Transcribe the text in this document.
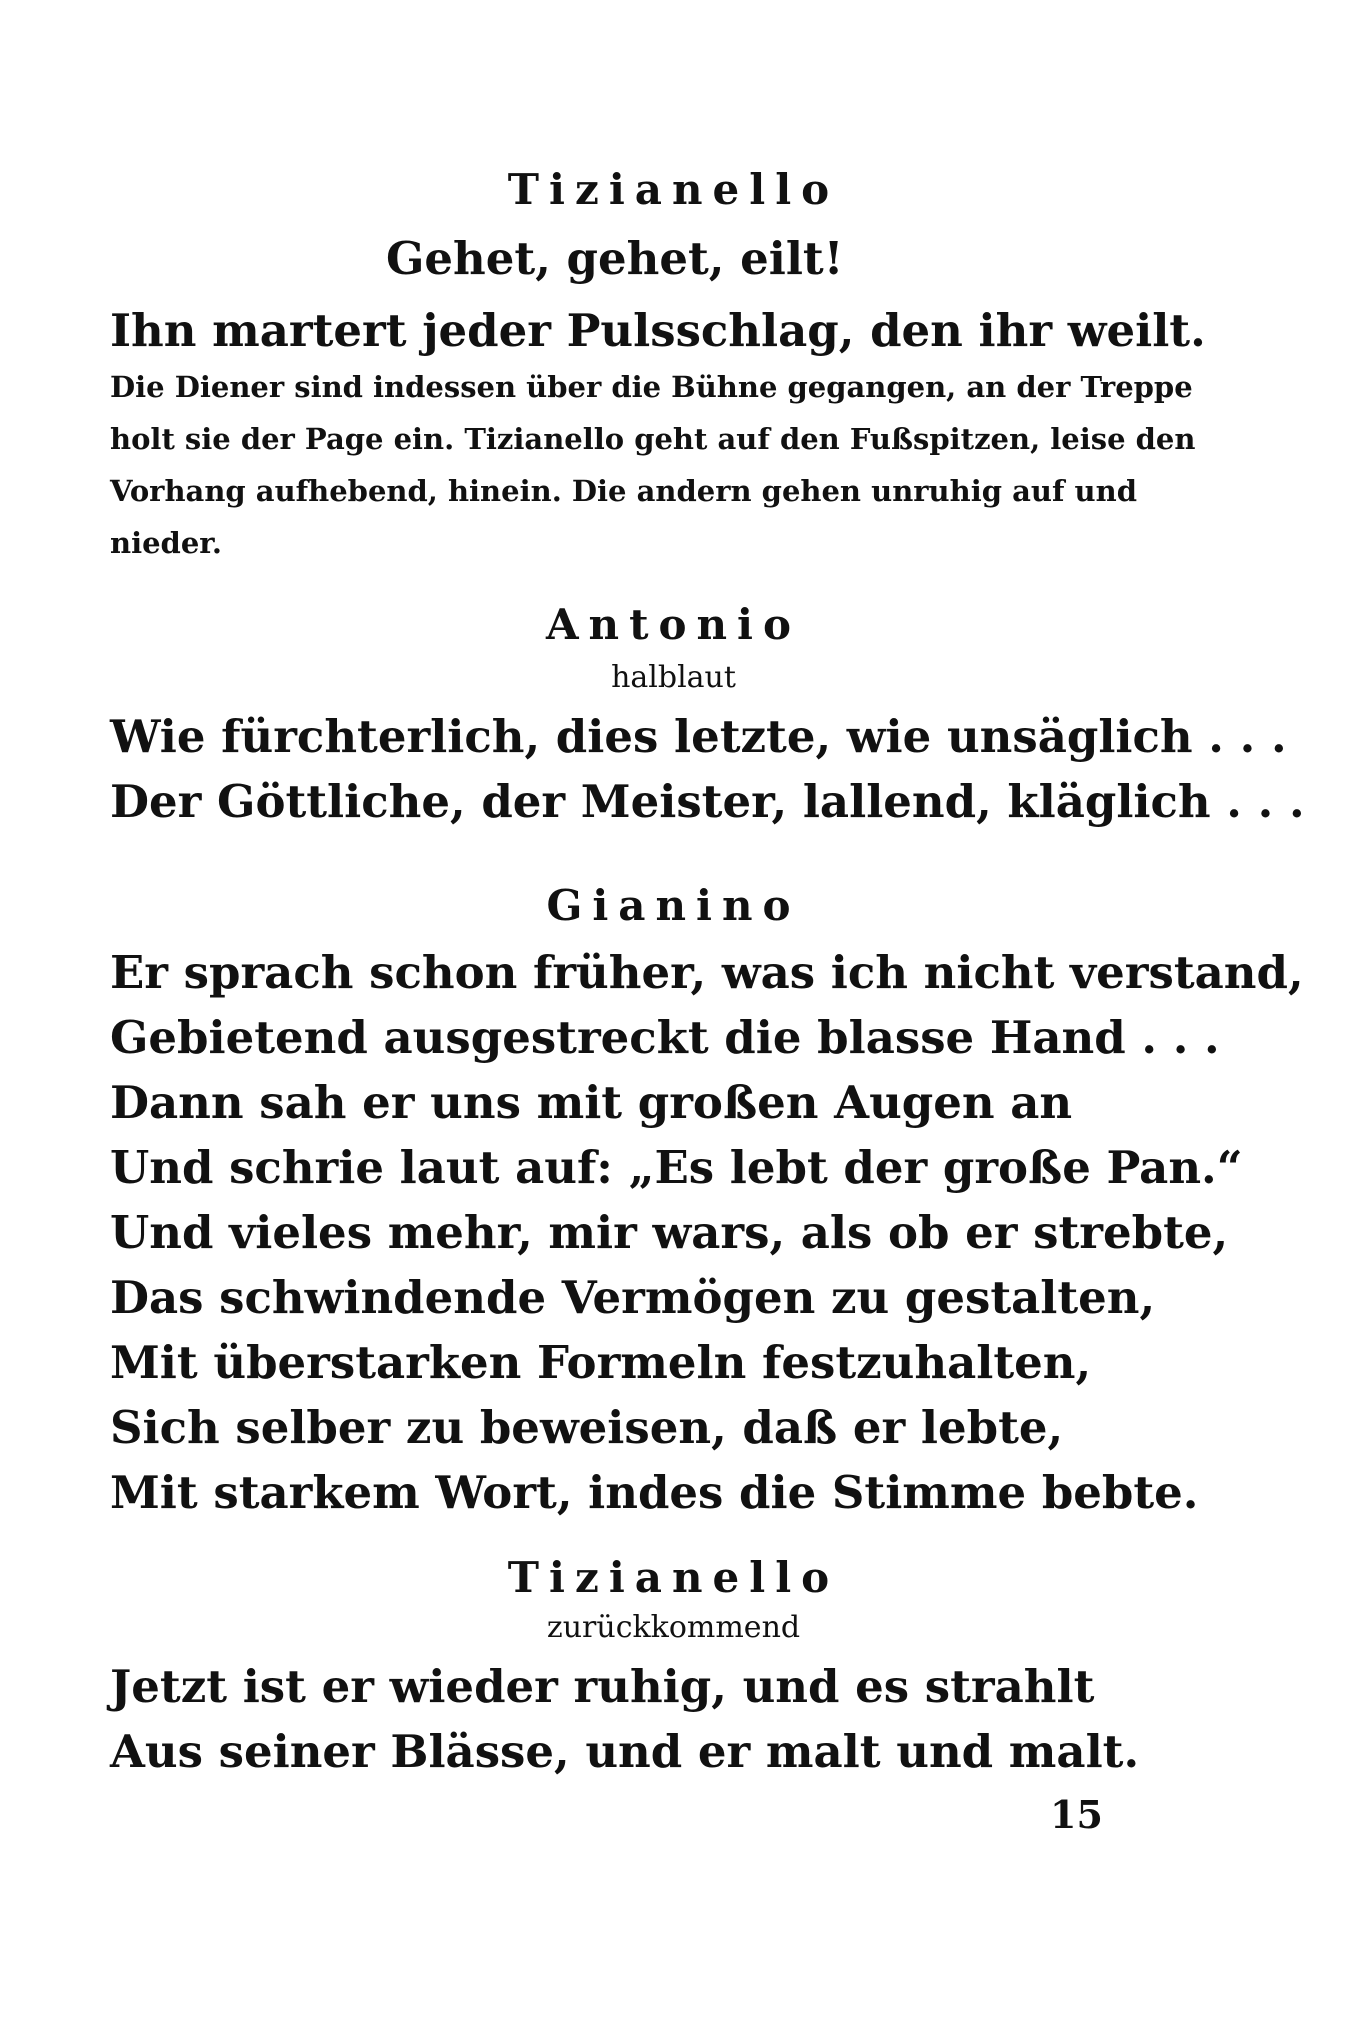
Tizianello
Gehet, gehet, eilt!
Ihn martert jeder Pulsschlag, den ihr weilt.
Die Diener sind indessen über die Bühne gegangen, an der Treppe
holt sie der Page ein. Tizianello geht auf den Fußspitzen, leise den
Vorhang aufhebend, hinein. Die andern gehen unruhig auf und
nieder.
Antonio
halblaut
Wie fürchterlich, dies letzte, wie unsäglich . . .
Der Göttliche, der Meister, lallend, kläglich . . .
Gianino
Er sprach schon früher, was ich nicht verstand,
Gebietend ausgestreckt die blasse Hand . . .
Dann sah er uns mit großen Augen an
Und schrie laut auf: „Es lebt der große Pan.“
Und vieles mehr, mir wars, als ob er strebte,
Das schwindende Vermögen zu gestalten,
Mit überstarken Formeln festzuhalten,
Sich selber zu beweisen, daß er lebte,
Mit starkem Wort, indes die Stimme bebte.
Tizianello
zurückkommend
Jetzt ist er wieder ruhig, und es strahlt
Aus seiner Blässe, und er malt und malt.
15
